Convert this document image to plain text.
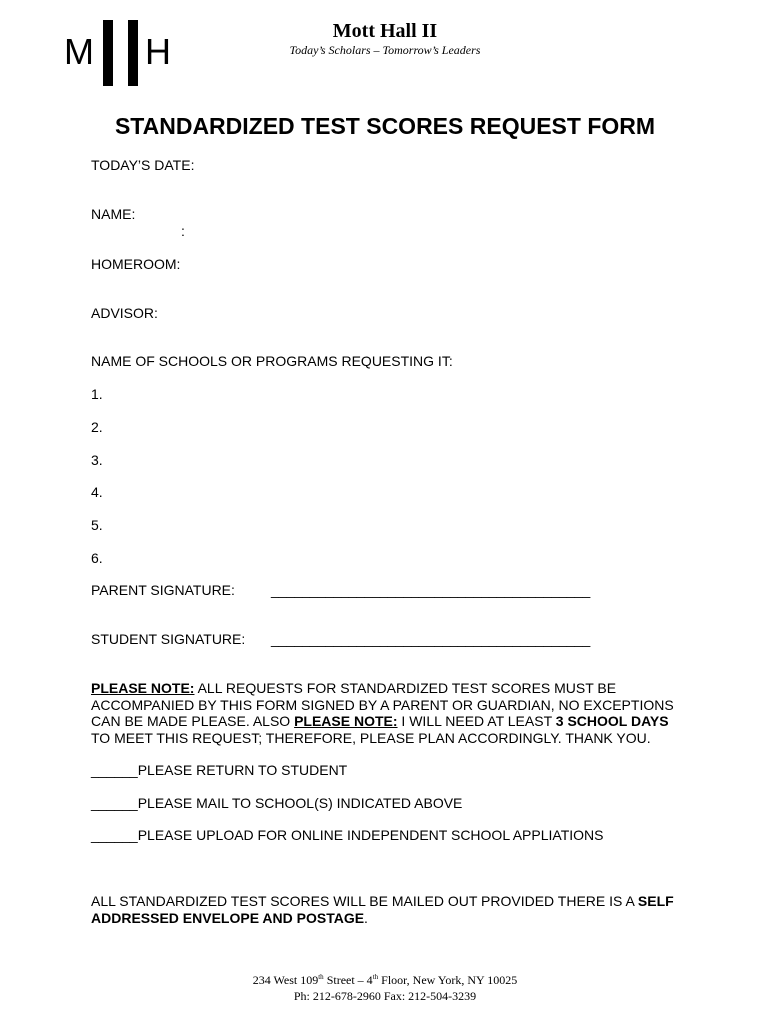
M H	Mott Hall II
Today’s Scholars – Tomorrow’s Leaders
STANDARDIZED TEST SCORES REQUEST FORM
TODAY’S DATE:
NAME:
:
HOMEROOM:
ADVISOR:
NAME OF SCHOOLS OR PROGRAMS REQUESTING IT:
1.
2.
3.
4.
5.
6.
PARENT SIGNATURE:	_________________________________________
STUDENT SIGNATURE: _________________________________________
PLEASE NOTE: ALL REQUESTS FOR STANDARDIZED TEST SCORES MUST BE ACCOMPANIED BY THIS FORM SIGNED BY A PARENT OR GUARDIAN, NO EXCEPTIONS CAN BE MADE PLEASE. ALSO PLEASE NOTE: I WILL NEED AT LEAST 3 SCHOOL DAYS TO MEET THIS REQUEST; THEREFORE, PLEASE PLAN ACCORDINGLY. THANK YOU.
______PLEASE RETURN TO STUDENT
______PLEASE MAIL TO SCHOOL(S) INDICATED ABOVE
______PLEASE UPLOAD FOR ONLINE INDEPENDENT SCHOOL APPLIATIONS
ALL STANDARDIZED TEST SCORES WILL BE MAILED OUT PROVIDED THERE IS A SELF
ADDRESSED ENVELOPE AND POSTAGE.
234 West 109th Street – 4th Floor, New York, NY 10025
Ph: 212-678-2960 Fax: 212-504-3239
